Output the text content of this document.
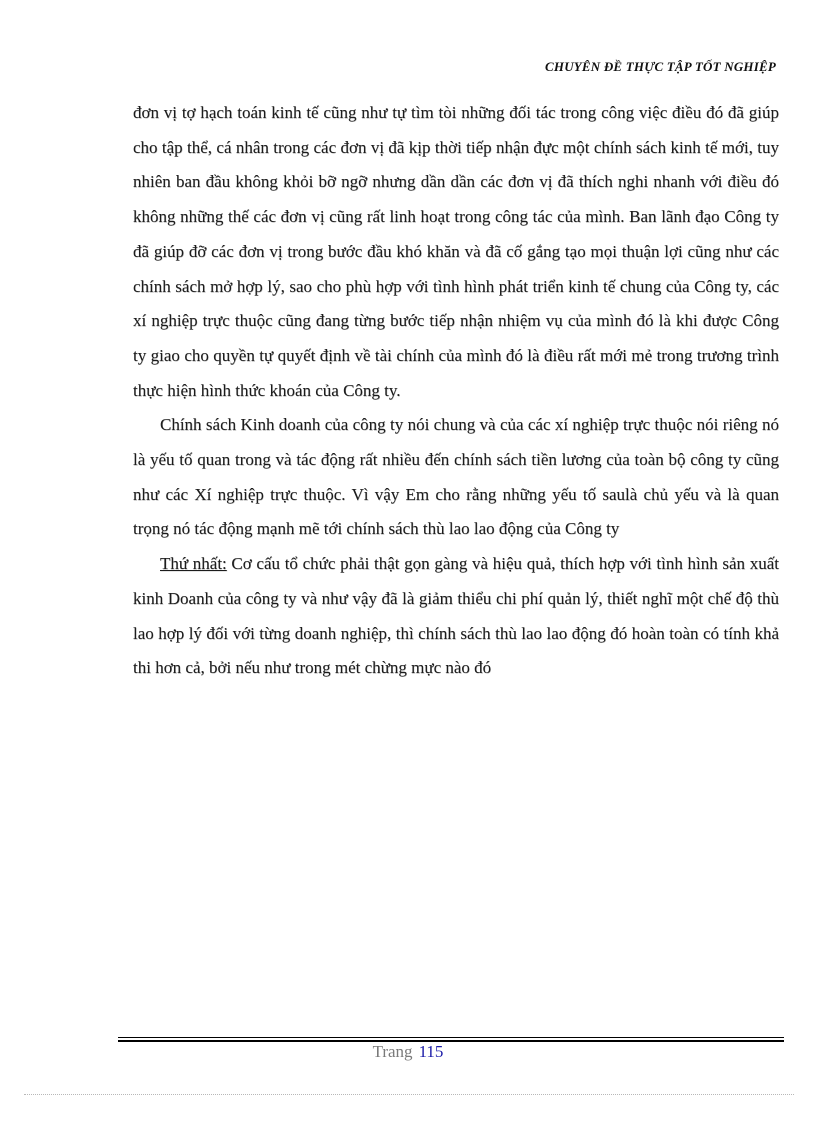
CHUYÊN ĐỀ THỰC TẬP TỐT NGHIỆP

đơn vị tợ hạch toán kinh tế cũng như tự tìm tòi những đối tác trong công việc điều đó đã giúp cho tập thể, cá nhân trong các đơn vị đã kịp thời tiếp nhận đực một chính sách kinh tế mới, tuy nhiên ban đầu không khỏi bỡ ngỡ nhưng dần dần các đơn vị đã thích nghi nhanh với điều đó không những thế các đơn vị cũng rất linh hoạt trong công tác của mình. Ban lãnh đạo Công ty đã giúp đỡ các đơn vị trong bước đầu khó khăn và đã cố gắng tạo mọi thuận lợi cũng như các chính sách mở hợp lý, sao cho phù hợp với tình hình phát triển kinh tế chung của Công ty, các xí nghiệp trực thuộc cũng đang từng bước tiếp nhận nhiệm vụ của mình đó là khi được Công ty giao cho quyền tự quyết định về tài chính của mình đó là điều rất mới mẻ trong trương trình thực hiện hình thức khoán của Công ty.

Chính sách Kinh doanh của công ty nói chung và của các xí nghiệp trực thuộc nói riêng nó là yếu tố quan trong và tác động rất nhiều đến chính sách tiền lương của toàn bộ công ty cũng như các Xí nghiệp trực thuộc. Vì vậy Em cho rằng những yếu tố saulà chủ yếu và là quan trọng nó tác động mạnh mẽ tới chính sách thù lao lao động của Công ty

Thứ nhất: Cơ cấu tổ chức phải thật gọn gàng và hiệu quả, thích hợp với tình hình sản xuất kinh Doanh của công ty và như vậy đã là giảm thiểu chi phí quản lý, thiết nghĩ một chế độ thù lao hợp lý đối với từng doanh nghiệp, thì chính sách thù lao lao động đó hoàn toàn có tính khả thi hơn cả, bởi nếu như trong mét chừng mực nào đó

Trang 115
